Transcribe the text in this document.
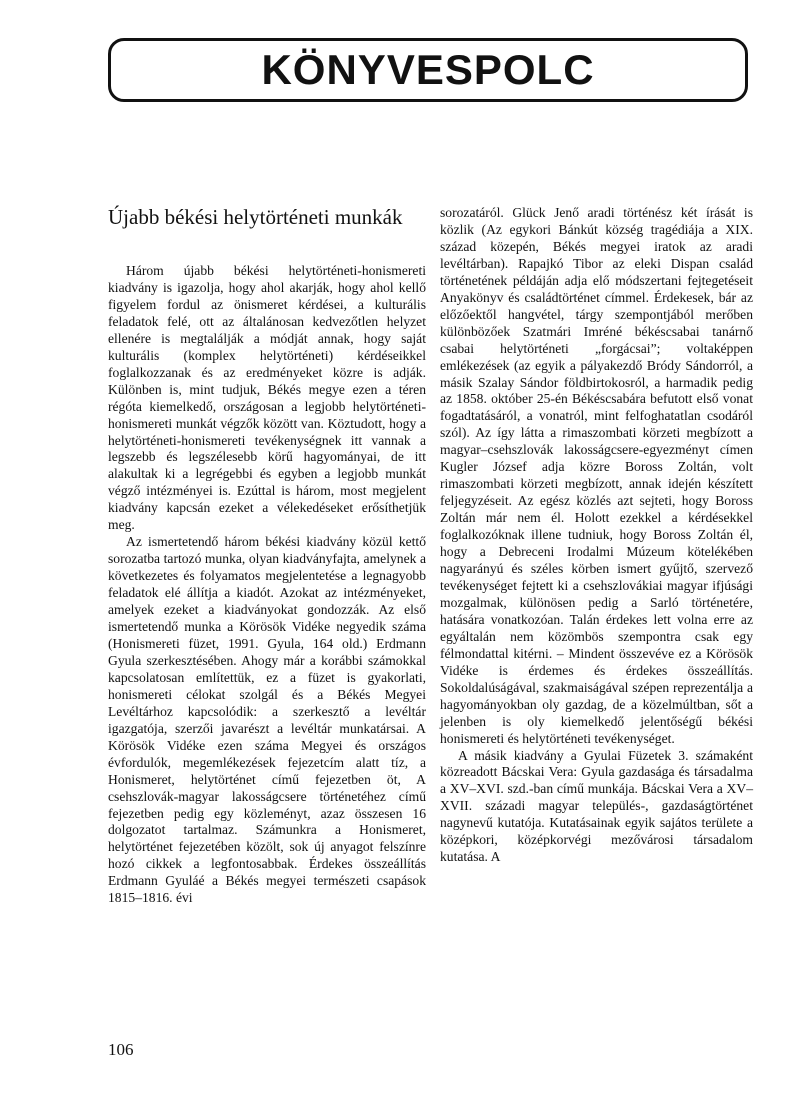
KÖNYVESPOLC
Újabb békési helytörténeti munkák

Három újabb békési helytörténeti-honismereti kiadvány is igazolja, hogy ahol akarják, hogy ahol kellő figyelem fordul az önismeret kérdései, a kulturális feladatok felé, ott az általánosan kedvezőtlen helyzet ellenére is megtalálják a módját annak, hogy saját kulturális (komplex helytörténeti) kérdéseikkel foglalkozzanak és az eredményeket közre is adják. Különben is, mint tudjuk, Békés megye ezen a téren régóta kiemelkedő, országosan a legjobb helytörténeti-honismereti munkát végzők között van. Köztudott, hogy a helytörténeti-honismereti tevékenységnek itt vannak a legszebb és legszélesebb körű hagyományai, de itt alakultak ki a legrégebbi és egyben a legjobb munkát végző intézményei is. Ezúttal is három, most megjelent kiadvány kapcsán ezeket a vélekedéseket erősíthetjük meg.

Az ismertetendő három békési kiadvány közül kettő sorozatba tartozó munka, olyan kiadványfajta, amelynek a következetes és folyamatos megjelentetése a legnagyobb feladatok elé állítja a kiadót. Azokat az intézményeket, amelyek ezeket a kiadványokat gondozzák. Az első ismertetendő munka a Körösök Vidéke negyedik száma (Honismereti füzet, 1991. Gyula, 164 old.) Erdmann Gyula szerkesztésében. Ahogy már a korábbi számokkal kapcsolatosan említettük, ez a füzet is gyakorlati, honismereti célokat szolgál és a Békés Megyei Levéltárhoz kapcsolódik: a szerkesztő a levéltár igazgatója, szerzői javarészt a levéltár munkatársai. A Körösök Vidéke ezen száma Megyei és országos évfordulók, megemlékezések fejezetcím alatt tíz, a Honismeret, helytörténet című fejezetben öt, A csehszlovák-magyar lakosságcsere történetéhez című fejezetben pedig egy közleményt, azaz összesen 16 dolgozatot tartalmaz. Számunkra a Honismeret, helytörténet fejezetében közölt, sok új anyagot felszínre hozó cikkek a legfontosabbak. Érdekes összeállítás Erdmann Gyuláé a Békés megyei természeti csapások 1815–1816. évi

sorozatáról. Glück Jenő aradi történész két írását is közlik (Az egykori Bánkút község tragédiája a XIX. század közepén, Békés megyei iratok az aradi levéltárban). Rapajkó Tibor az eleki Dispan család történetének példáján adja elő módszertani fejtegetéseit Anyakönyv és családtörténet címmel. Érdekesek, bár az előzőektől hangvétel, tárgy szempontjából merőben különbözőek Szatmári Imréné békéscsabai tanárnő csabai helytörténeti „forgácsai”; voltaképpen emlékezések (az egyik a pályakezdő Bródy Sándorról, a másik Szalay Sándor földbirtokosról, a harmadik pedig az 1858. október 25-én Békéscsabára befutott első vonat fogadtatásáról, a vonatról, mint felfoghatatlan csodáról szól). Az így látta a rimaszombati körzeti megbízott a magyar–csehszlovák lakosságcsere-egyezményt címen Kugler József adja közre Boross Zoltán, volt rimaszombati körzeti megbízott, annak idején készített feljegyzéseit. Az egész közlés azt sejteti, hogy Boross Zoltán már nem él. Holott ezekkel a kérdésekkel foglalkozóknak illene tudniuk, hogy Boross Zoltán él, hogy a Debreceni Irodalmi Múzeum kötelékében nagyarányú és széles körben ismert gyűjtő, szervező tevékenységet fejtett ki a csehszlovákiai magyar ifjúsági mozgalmak, különösen pedig a Sarló történetére, hatására vonatkozóan. Talán érdekes lett volna erre az egyáltalán nem közömbös szempontra csak egy félmondattal kitérni. – Mindent összevéve ez a Körösök Vidéke is érdemes és érdekes összeállítás. Sokoldalúságával, szakmaiságával szépen reprezentálja a hagyományokban oly gazdag, de a közelmúltban, sőt a jelenben is oly kiemelkedő jelentőségű békési honismereti és helytörténeti tevékenységet.

A másik kiadvány a Gyulai Füzetek 3. számaként közreadott Bácskai Vera: Gyula gazdasága és társadalma a XV–XVI. szd.-ban című munkája. Bácskai Vera a XV–XVII. századi magyar település-, gazdaságtörténet nagynevű kutatója. Kutatásainak egyik sajátos területe a középkori, középkorvégi mezővárosi társadalom kutatása. A

106
